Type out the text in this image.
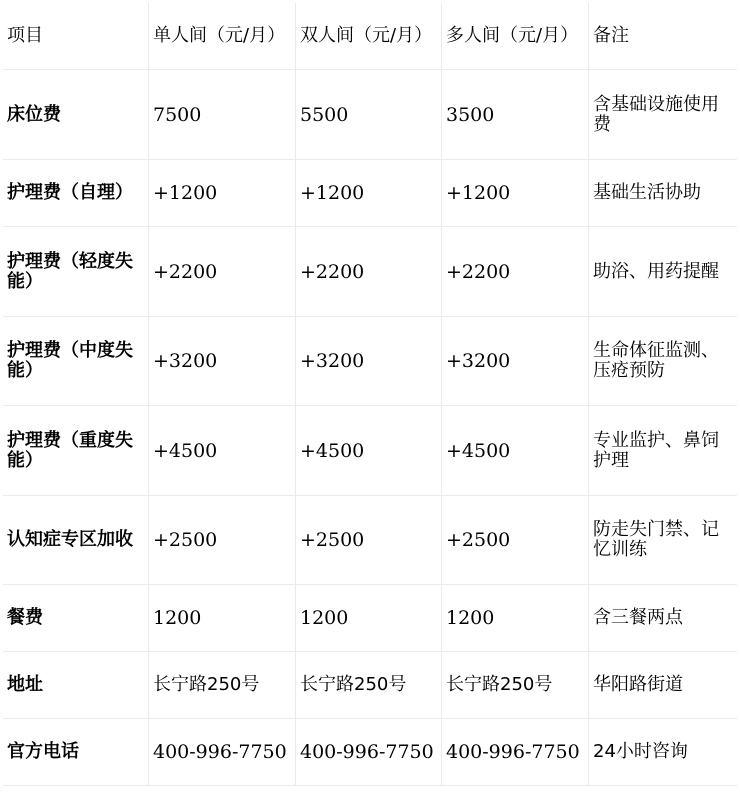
项目	单人间（元/月） 双人间（元/月） 多人间（元/月） 备注
床位费	7500	5500	3500	含基础设施使用费
护理费（自理）	+1200	+1200	+1200	基础生活协助
护理费（轻度失能）	+2200	+2200	+2200	助浴、用药提醒
护理费（中度失能）	+3200	+3200	+3200	生命体征监测、压疮预防
护理费（重度失能）	+4500	+4500	+4500	专业监护、鼻饲护理
认知症专区加收	+2500	+2500	+2500	防走失门禁、记忆训练
餐费	1200	1200	1200	含三餐两点
地址	长宁路250号	长宁路250号	长宁路250号	华阳路街道
官方电话	400-996-7750 400-996-7750 400-996-7750 24小时咨询
